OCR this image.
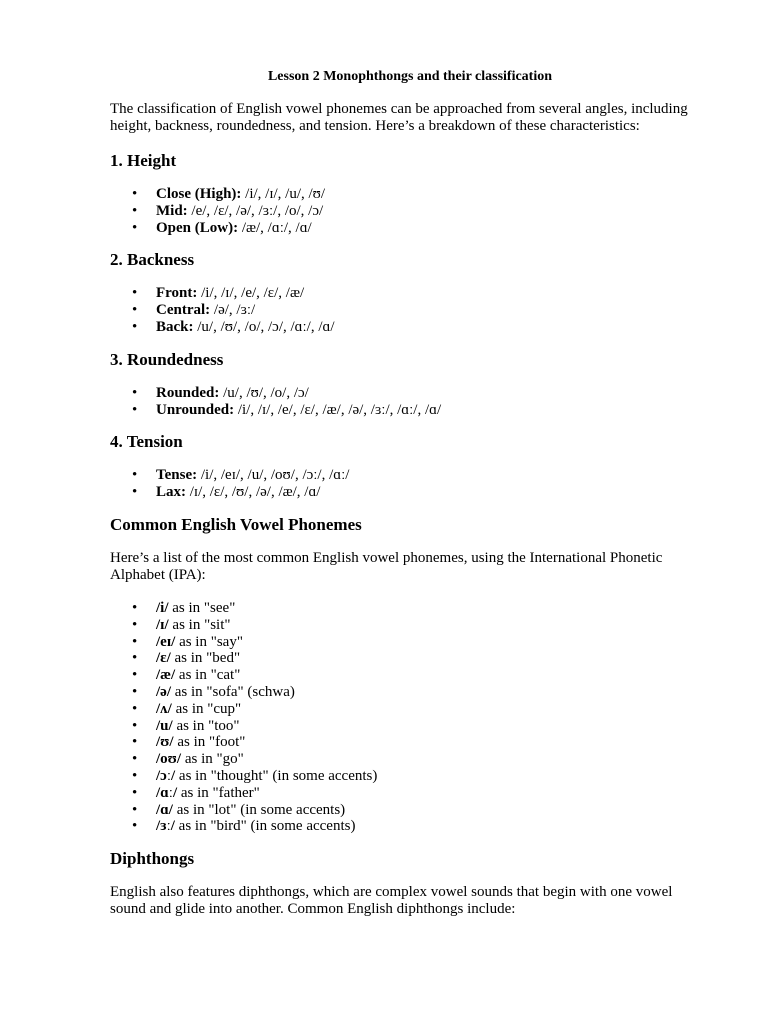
Lesson 2 Monophthongs and their classification

The classification of English vowel phonemes can be approached from several angles, including height, backness, roundedness, and tension. Here’s a breakdown of these characteristics:

1. Height
• Close (High): /i/, /ɪ/, /u/, /ʊ/
• Mid: /e/, /ɛ/, /ə/, /ɜː/, /o/, /ɔ/
• Open (Low): /æ/, /ɑː/, /ɑ/
2. Backness
• Front: /i/, /ɪ/, /e/, /ɛ/, /æ/
• Central: /ə/, /ɜː/
• Back: /u/, /ʊ/, /o/, /ɔ/, /ɑː/, /ɑ/
3. Roundedness
• Rounded: /u/, /ʊ/, /o/, /ɔ/
• Unrounded: /i/, /ɪ/, /e/, /ɛ/, /æ/, /ə/, /ɜː/, /ɑː/, /ɑ/
4. Tension
• Tense: /i/, /eɪ/, /u/, /oʊ/, /ɔː/, /ɑː/
• Lax: /ɪ/, /ɛ/, /ʊ/, /ə/, /æ/, /ɑ/
Common English Vowel Phonemes

Here’s a list of the most common English vowel phonemes, using the International Phonetic Alphabet (IPA):

• /i/ as in "see"
• /ɪ/ as in "sit"
• /eɪ/ as in "say"
• /ɛ/ as in "bed"
• /æ/ as in "cat"
• /ə/ as in "sofa" (schwa)
• /ʌ/ as in "cup"
• /u/ as in "too"
• /ʊ/ as in "foot"
• /oʊ/ as in "go"
• /ɔː/ as in "thought" (in some accents)
• /ɑː/ as in "father"
• /ɑ/ as in "lot" (in some accents)
• /ɜː/ as in "bird" (in some accents)
Diphthongs

English also features diphthongs, which are complex vowel sounds that begin with one vowel sound and glide into another. Common English diphthongs include:
